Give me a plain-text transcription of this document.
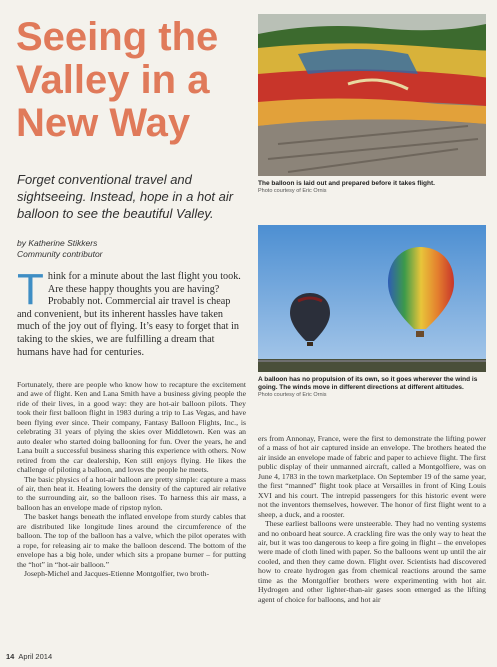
Seeing the
Valley in a
New Way

Forget conventional travel and sightseeing. Instead, hope in a hot air balloon to see the beautiful Valley.

by Katherine Stikkers
Community contributor

Think for a minute about the last flight you took. Are these happy thoughts you are having? Probably not. Commercial air travel is cheap and convenient, but its inherent hassles have taken much of the joy out of flying. It’s easy to forget that in taking to the skies, we are fulfilling a dream that humans have had for centuries.

Fortunately, there are people who know how to recapture the excitement and awe of flight. Ken and Lana Smith have a business giving people the ride of their lives, in a good way: they are hot-air balloon pilots. They took their first balloon flight in 1983 during a trip to Las Vegas, and have been flying ever since. Their company, Fantasy Balloon Flights, Inc., is celebrating 31 years of plying the skies over Middletown. Ken was an auto dealer who started doing ballooning for fun. Over the years, he and Lana built a successful business sharing this experience with others. Now retired from the car dealership, Ken still enjoys flying. He likes the challenge of piloting a balloon, and loves the people he meets.

The basic physics of a hot-air balloon are pretty simple: capture a mass of air, then heat it. Heating lowers the density of the captured air relative to the surrounding air, so the balloon rises. To harness this air mass, a balloon has an envelope made of ripstop nylon.

The basket hangs beneath the inflated envelope from sturdy cables that are distributed like longitude lines around the circumference of the balloon. The top of the balloon has a valve, which the pilot operates with a rope, for releasing air to make the balloon descend. The bottom of the envelope has a big hole, under which sits a propane burner – for putting the “hot” in “hot-air balloon.”

Joseph-Michel and Jacques-Etienne Montgolfier, two broth-

The balloon is laid out and prepared before it takes flight.
Photo courtesy of Eric Ornis
A balloon has no propulsion of its own, so it goes wherever the wind is going. The winds move in different directions at different altitudes.
Photo courtesy of Eric Ornis

ers from Annonay, France, were the first to demonstrate the lifting power of a mass of hot air captured inside an envelope. The brothers heated the air inside an envelope made of fabric and paper to achieve flight. The first public display of their unmanned aircraft, called a Montgolfiere, was on June 4, 1783 in the town marketplace. On September 19 of the same year, the first “manned” flight took place at Versailles in front of King Louis XVI and his court. The intrepid passengers for this historic event were not the inventors themselves, however. The honor of first flight went to a sheep, a duck, and a rooster.

These earliest balloons were unsteerable. They had no venting systems and no onboard heat source. A crackling fire was the only way to heat the air, but it was too dangerous to keep a fire going in flight – the envelopes were made of cloth lined with paper. So the balloons went up until the air cooled, and then they came down. Flight over. Scientists had discovered how to create hydrogen gas from chemical reactions around the same time as the Montgolfier brothers were experimenting with hot air. Hydrogen and other lighter-than-air gases soon emerged as the lifting agent of choice for balloons, and hot air

14 April 2014
